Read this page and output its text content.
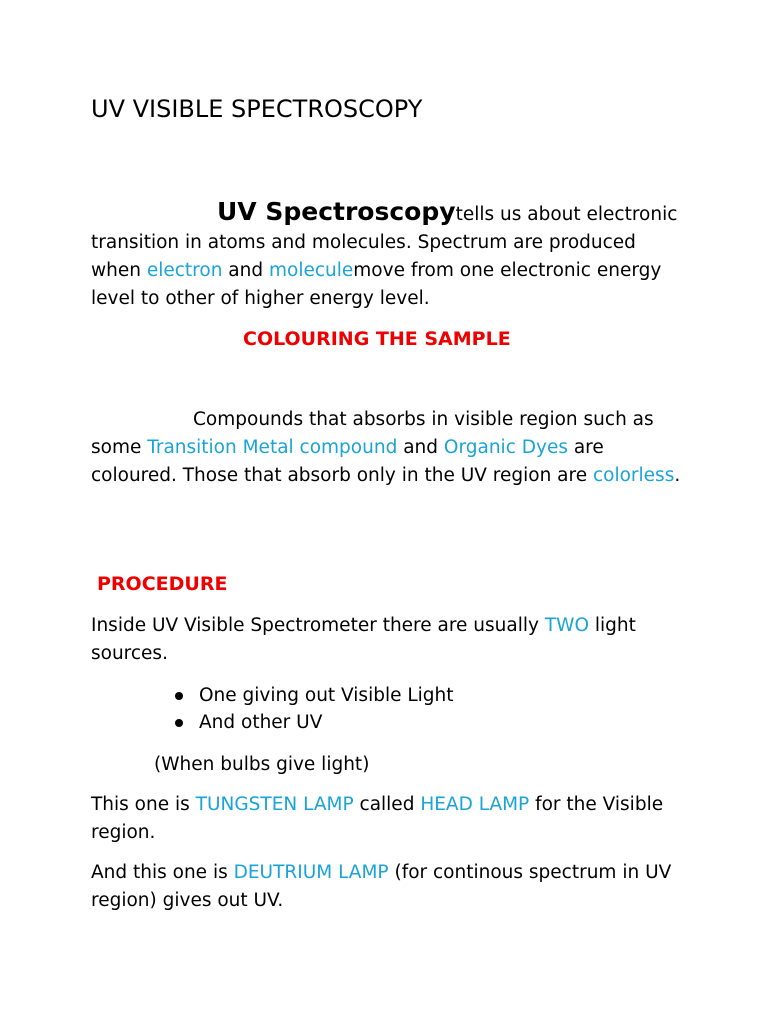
UV VISIBLE SPECTROSCOPY

UV Spectroscopytells us about electronic transition in atoms and molecules. Spectrum are produced when electron and moleculemove from one electronic energy level to other of higher energy level.

COLOURING THE SAMPLE

Compounds that absorbs in visible region such as some Transition Metal compound and Organic Dyes are coloured. Those that absorb only in the UV region are colorless.

PROCEDURE

Inside UV Visible Spectrometer there are usually TWO light sources.

One giving out Visible Light
And other UV
(When bulbs give light)

This one is TUNGSTEN LAMP called HEAD LAMP for the Visible region.

And this one is DEUTRIUM LAMP (for continous spectrum in UV region) gives out UV.
